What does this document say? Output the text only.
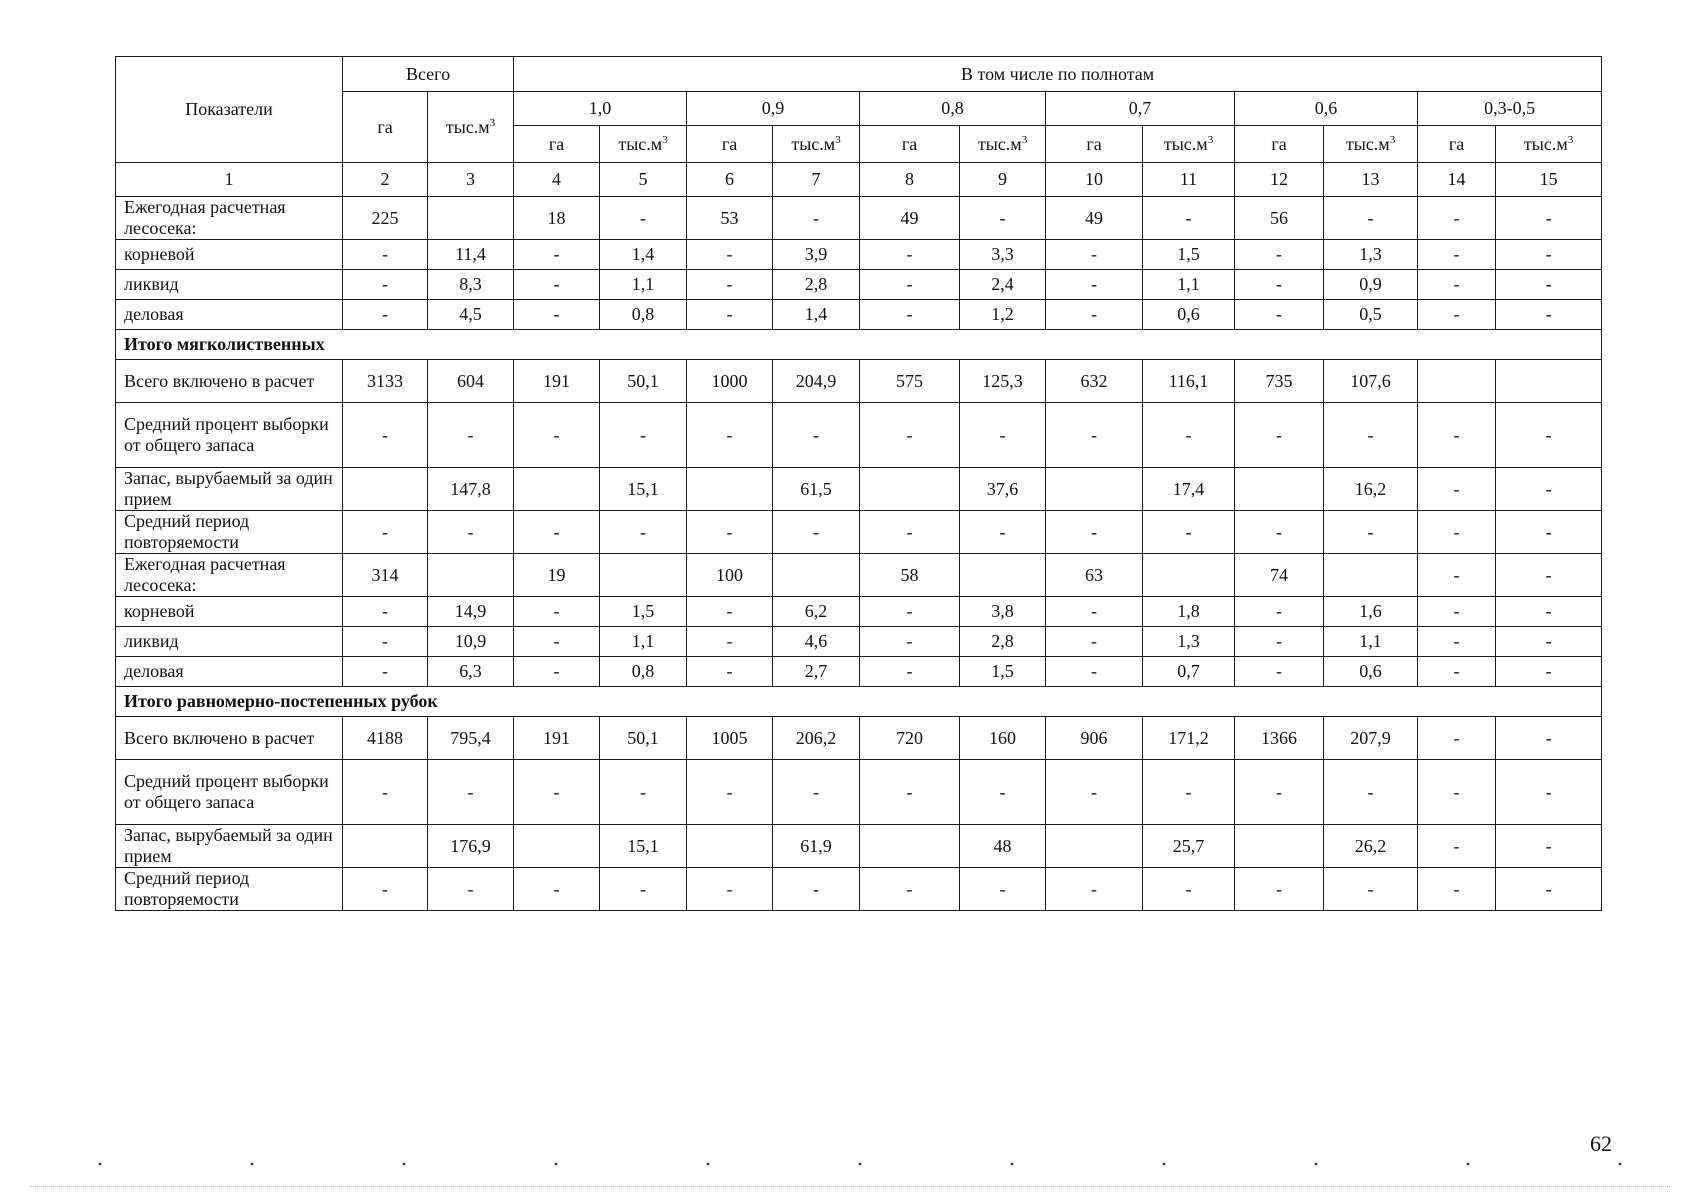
Показатели	Всего		В том числе по полнотам											
	га	$тыс.м^3$	1,0		0,9		0,8		0,7		0,6		0,3-0,5	
			га	$тыс.м^3$	га	$тыс.м^3$	га	$тыс.м^3$	га	$тыс.м^3$	га	$тыс.м^3$	га	$тыс.м^3$
1	2	3	4	5	6	7	8	9	10	11	12	13	14	15
Ежегодная расчетная лесосека:	225		18	-	53	-	49	-	49	-	56	-	-	-
корневой	-	11,4	-	1,4	-	3,9	-	3,3	-	1,5	-	1,3	-	-
ликвид	-	8,3	-	1,1	-	2,8	-	2,4	-	1,1	-	0,9	-	-
деловая	-	4,5	-	0,8	-	1,4	-	1,2	-	0,6	-	0,5	-	-
Итого мягколиственных														
Всего включено в расчет	3133	604	191	50,1	1000	204,9	575	125,3	632	116,1	735	107,6		
Средний процент выборки от общего запаса	-	-	-	-	-	-	-	-	-	-	-	-	-	-
Запас, вырубаемый за один прием		147,8		15,1		61,5		37,6		17,4		16,2	-	-
Средний период повторяемости	-	-	-	-	-	-	-	-	-	-	-	-	-	-
Ежегодная расчетная лесосека:	314		19		100		58		63		74		-	-
корневой	-	14,9	-	1,5	-	6,2	-	3,8	-	1,8	-	1,6	-	-
ликвид	-	10,9	-	1,1	-	4,6	-	2,8	-	1,3	-	1,1	-	-
деловая	-	6,3	-	0,8	-	2,7	-	1,5	-	0,7	-	0,6	-	-
Итого равномерно-постепенных рубок														
Всего включено в расчет	4188	795,4	191	50,1	1005	206,2	720	160	906	171,2	1366	207,9	-	-
Средний процент выборки от общего запаса	-	-	-	-	-	-	-	-	-	-	-	-	-	-
Запас, вырубаемый за один прием		176,9		15,1		61,9		48		25,7		26,2	-	-
Средний период повторяемости	-	-	-	-	-	-	-	-	-	-	-	-	-	-
62
